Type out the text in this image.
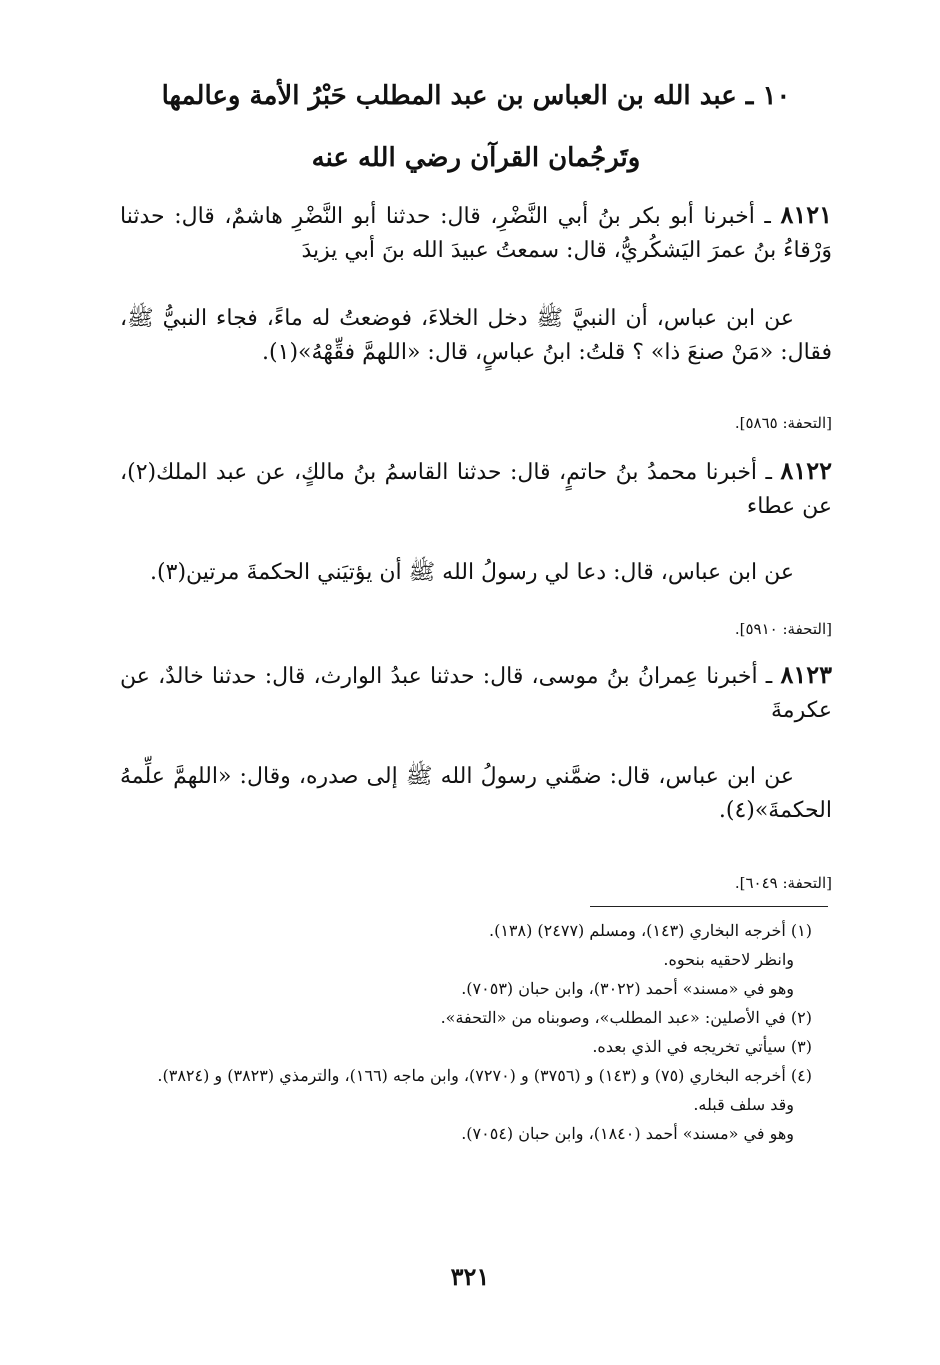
١٠ ـ عبد الله بن العباس بن عبد المطلب حَبْرُ الأمة وعالمها
وتَرجُمان القرآن رضي الله عنه
٨١٢١ ـ أخبرنا أبو بكر بنُ أبي النَّضْرِ، قال: حدثنا أبو النَّضْرِ هاشمٌ، قال: حدثنا وَرْقاءُ بنُ عمرَ اليَشكُريُّ، قال: سمعتُ عبيدَ الله بنَ أبي يزيدَ
عن ابن عباس، أن النبيَّ ﷺ دخل الخلاءَ، فوضعتُ له ماءً، فجاء النبيُّ ﷺ، فقال: «مَنْ صنعَ ذا» ؟ قلتُ: ابنُ عباسٍ، قال: «اللهمَّ فقِّهْهُ»(١).
[التحفة: ٥٨٦٥].
٨١٢٢ ـ أخبرنا محمدُ بنُ حاتمٍ، قال: حدثنا القاسمُ بنُ مالكٍ، عن عبد الملك(٢)، عن عطاء
عن ابن عباس، قال: دعا لي رسولُ الله ﷺ أن يؤتيَني الحكمةَ مرتين(٣).
[التحفة: ٥٩١٠].
٨١٢٣ ـ أخبرنا عِمرانُ بنُ موسى، قال: حدثنا عبدُ الوارث، قال: حدثنا خالدٌ، عن عكرمةَ
عن ابن عباس، قال: ضمَّني رسولُ الله ﷺ إلى صدره، وقال: «اللهمَّ علِّمهُ الحكمةَ»(٤).
[التحفة: ٦٠٤٩].
(١) أخرجه البخاري (١٤٣)، ومسلم (٢٤٧٧) (١٣٨).
وانظر لاحقيه بنحوه.
وهو في «مسند» أحمد (٣٠٢٢)، وابن حبان (٧٠٥٣).
(٢) في الأصلين: «عبد المطلب»، وصوبناه من «التحفة».
(٣) سيأتي تخريجه في الذي بعده.
(٤) أخرجه البخاري (٧٥) و (١٤٣) و (٣٧٥٦) و (٧٢٧٠)، وابن ماجه (١٦٦)، والترمذي (٣٨٢٣) و (٣٨٢٤).
وقد سلف قبله.
وهو في «مسند» أحمد (١٨٤٠)، وابن حبان (٧٠٥٤).
٣٢١
